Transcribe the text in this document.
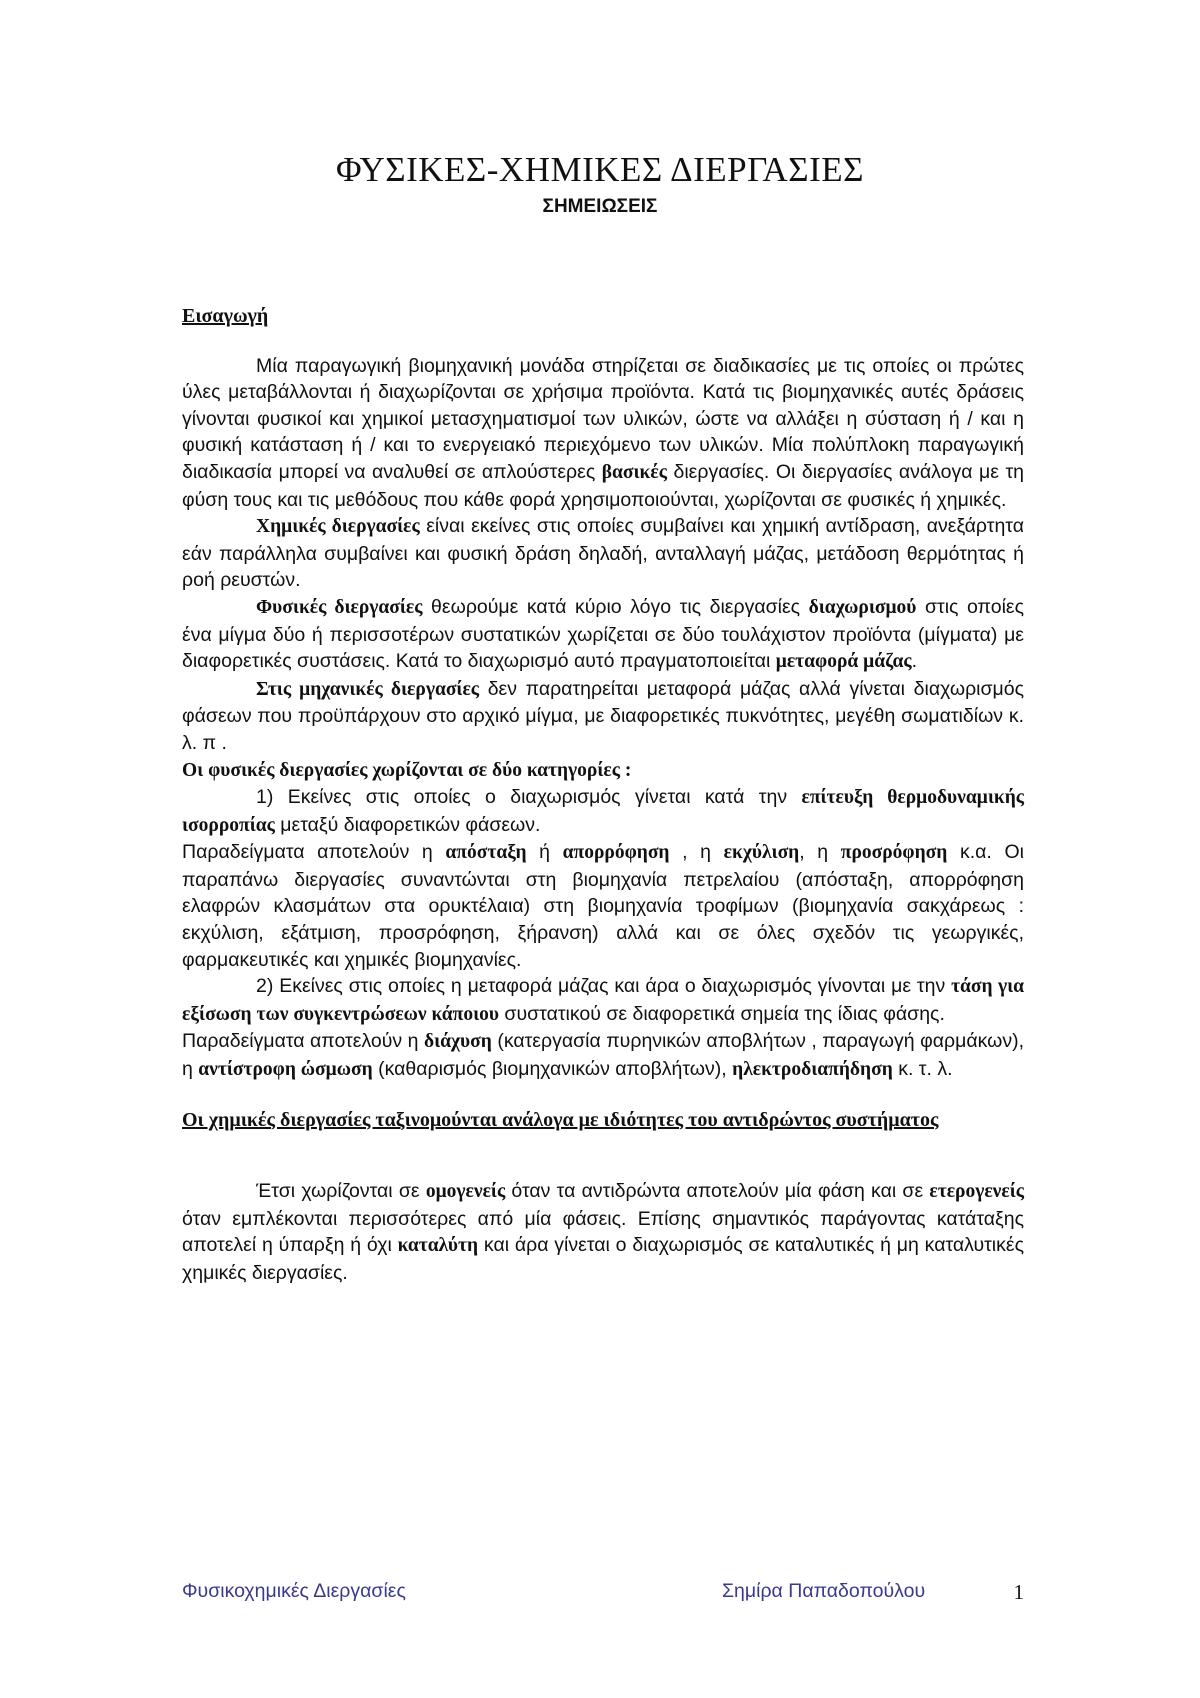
ΦΥΣΙΚΕΣ-ΧΗΜΙΚΕΣ ΔΙΕΡΓΑΣΙΕΣ
ΣΗΜΕΙΩΣΕΙΣ

Εισαγωγή

Μία παραγωγική βιομηχανική μονάδα στηρίζεται σε διαδικασίες με τις οποίες οι πρώτες ύλες μεταβάλλονται ή διαχωρίζονται σε χρήσιμα προϊόντα. Κατά τις βιομηχανικές αυτές δράσεις γίνονται φυσικοί και χημικοί μετασχηματισμοί των υλικών, ώστε να αλλάξει η σύσταση ή / και η φυσική κατάσταση ή / και το ενεργειακό περιεχόμενο των υλικών. Μία πολύπλοκη παραγωγική διαδικασία μπορεί να αναλυθεί σε απλούστερες βασικές διεργασίες. Οι διεργασίες ανάλογα με τη φύση τους και τις μεθόδους που κάθε φορά χρησιμοποιούνται, χωρίζονται σε φυσικές ή χημικές.

Χημικές διεργασίες είναι εκείνες στις οποίες συμβαίνει και χημική αντίδραση, ανεξάρτητα εάν παράλληλα συμβαίνει και φυσική δράση δηλαδή, ανταλλαγή μάζας, μετάδοση θερμότητας ή ροή ρευστών.

Φυσικές διεργασίες θεωρούμε κατά κύριο λόγο τις διεργασίες διαχωρισμού στις οποίες ένα μίγμα δύο ή περισσοτέρων συστατικών χωρίζεται σε δύο τουλάχιστον προϊόντα (μίγματα) με διαφορετικές συστάσεις. Κατά το διαχωρισμό αυτό πραγματοποιείται μεταφορά μάζας.

Στις μηχανικές διεργασίες δεν παρατηρείται μεταφορά μάζας αλλά γίνεται διαχωρισμός φάσεων που προϋπάρχουν στο αρχικό μίγμα, με διαφορετικές πυκνότητες, μεγέθη σωματιδίων κ. λ. π .

Οι φυσικές διεργασίες χωρίζονται σε δύο κατηγορίες :

1) Εκείνες στις οποίες ο διαχωρισμός γίνεται κατά την επίτευξη θερμοδυναμικής ισορροπίας μεταξύ διαφορετικών φάσεων.

Παραδείγματα αποτελούν η απόσταξη ή απορρόφηση , η εκχύλιση, η προσρόφηση κ.α. Οι παραπάνω διεργασίες συναντώνται στη βιομηχανία πετρελαίου (απόσταξη, απορρόφηση ελαφρών κλασμάτων στα ορυκτέλαια) στη βιομηχανία τροφίμων (βιομηχανία σακχάρεως : εκχύλιση, εξάτμιση, προσρόφηση, ξήρανση) αλλά και σε όλες σχεδόν τις γεωργικές, φαρμακευτικές και χημικές βιομηχανίες.

2) Εκείνες στις οποίες η μεταφορά μάζας και άρα ο διαχωρισμός γίνονται με την τάση για εξίσωση των συγκεντρώσεων κάποιου συστατικού σε διαφορετικά σημεία της ίδιας φάσης.

Παραδείγματα αποτελούν η διάχυση (κατεργασία πυρηνικών αποβλήτων , παραγωγή φαρμάκων), η αντίστροφη ώσμωση (καθαρισμός βιομηχανικών αποβλήτων), ηλεκτροδιαπήδηση κ. τ. λ.

Οι χημικές διεργασίες ταξινομούνται ανάλογα με ιδιότητες του αντιδρώντος συστήματος

Έτσι χωρίζονται σε ομογενείς όταν τα αντιδρώντα αποτελούν μία φάση και σε ετερογενείς όταν εμπλέκονται περισσότερες από μία φάσεις. Επίσης σημαντικός παράγοντας κατάταξης αποτελεί η ύπαρξη ή όχι καταλύτη και άρα γίνεται ο διαχωρισμός σε καταλυτικές ή μη καταλυτικές χημικές διεργασίες.

Φυσικοχημικές Διεργασίες	Σημίρα Παπαδοπούλου	1
